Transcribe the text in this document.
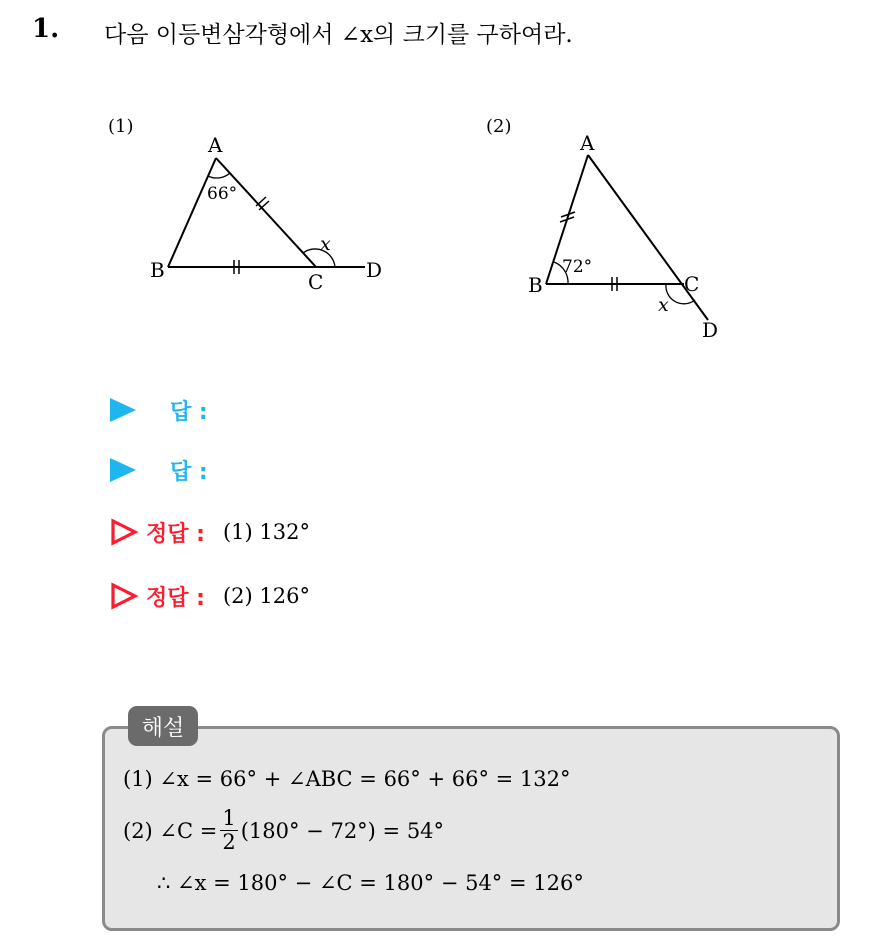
1. 다음 이등변삼각형에서 ∠x의 크기를 구하여라.
(1)
A
B	C D
66°
x
(2)
A
B	C
D
72°
x
답 :
답 :
정답 : (1) 132°
정답 : (2) 126°
해설
(1) ∠x = 66° + ∠ABC = 66° + 66° = 132°
(2) ∠C = $\frac{1}{2} (180^\circ - 72^\circ) = 54^\circ$
∴ ∠x = 180° − ∠C = 180° − 54° = 126°
